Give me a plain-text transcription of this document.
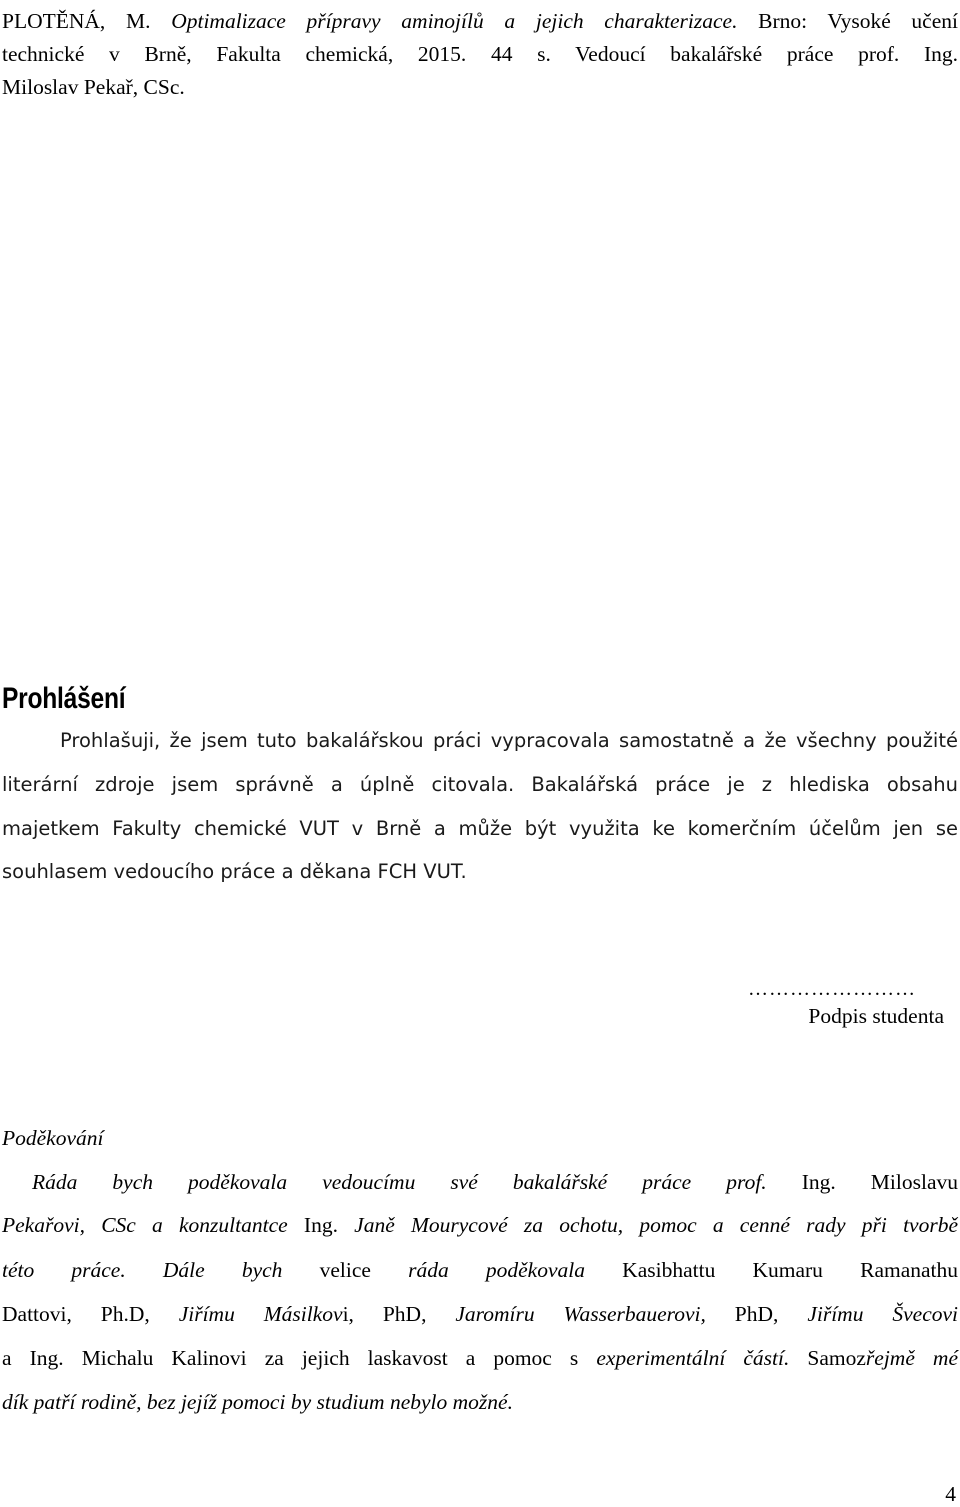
PLOTĚNÁ, M. Optimalizace přípravy aminojílů a jejich charakterizace. Brno: Vysoké učení
technické v Brně, Fakulta chemická, 2015. 44 s. Vedoucí bakalářské práce prof. Ing.
Miloslav Pekař, CSc.
Prohlášení
Prohlašuji, že jsem tuto bakalářskou práci vypracovala samostatně a že všechny použité
literární zdroje jsem správně a úplně citovala. Bakalářská práce je z hlediska obsahu
majetkem Fakulty chemické VUT v Brně a může být využita ke komerčním účelům jen se
souhlasem vedoucího práce a děkana FCH VUT.
……………………
Podpis studenta
Poděkování
Ráda bych poděkovala vedoucímu své bakalářské práce prof. Ing. Miloslavu
Pekařovi, CSc a konzultantce Ing. Janě Mourycové za ochotu, pomoc a cenné rady při tvorbě
této práce. Dále bych velice ráda poděkovala Kasibhattu Kumaru Ramanathu
Dattovi, Ph.D, Jiřímu Másilkovi, PhD, Jaromíru Wasserbauerovi, PhD, Jiřímu Švecovi
a Ing. Michalu Kalinovi za jejich laskavost a pomoc s experimentální částí. Samozřejmě mé
dík patří rodině, bez jejíž pomoci by studium nebylo možné.
4
